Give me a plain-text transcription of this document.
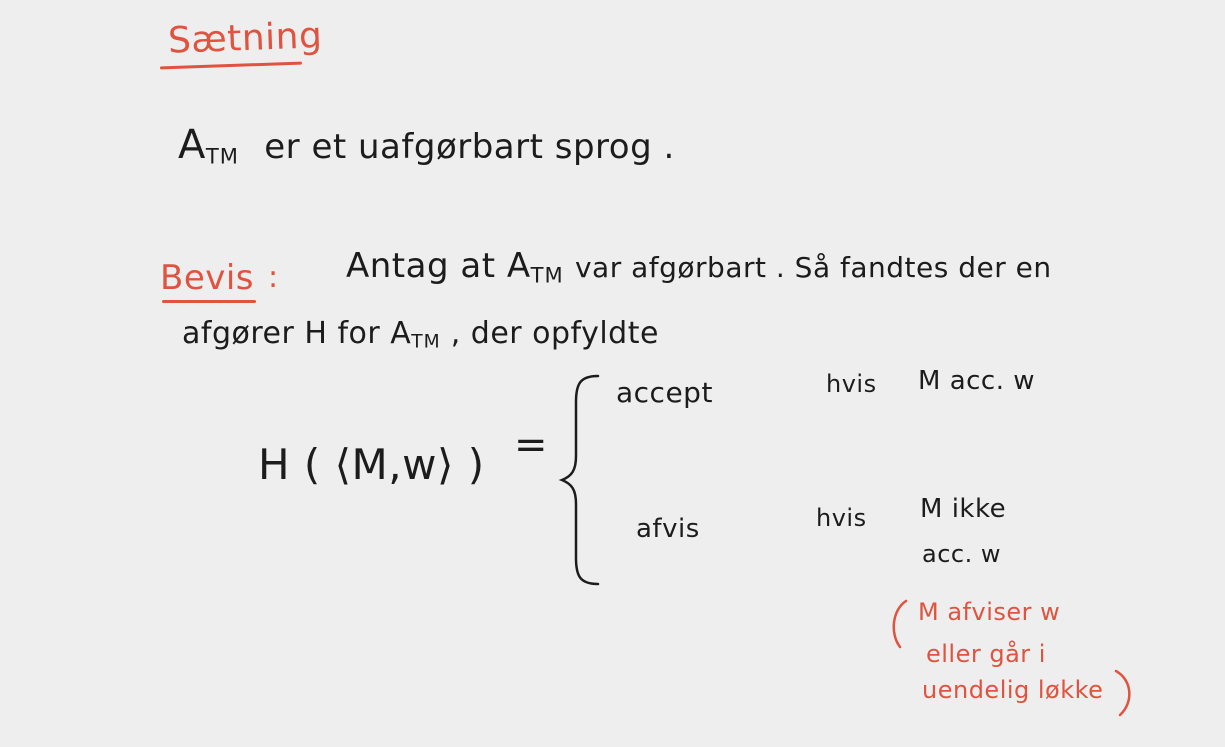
Sætning
$A_{TM}$ er et uafgørbart sprog .
Bevis : Antag at $A_{TM}$ var afgørbart . Så fandtes der en
afgører H for $A_{TM}$ , der opfyldte
H ( ⟨M,w⟩ ) =
accept	hvis M acc. w
afvis	hvis M ikke
acc. w
M afviser w
eller går i
uendelig løkke
